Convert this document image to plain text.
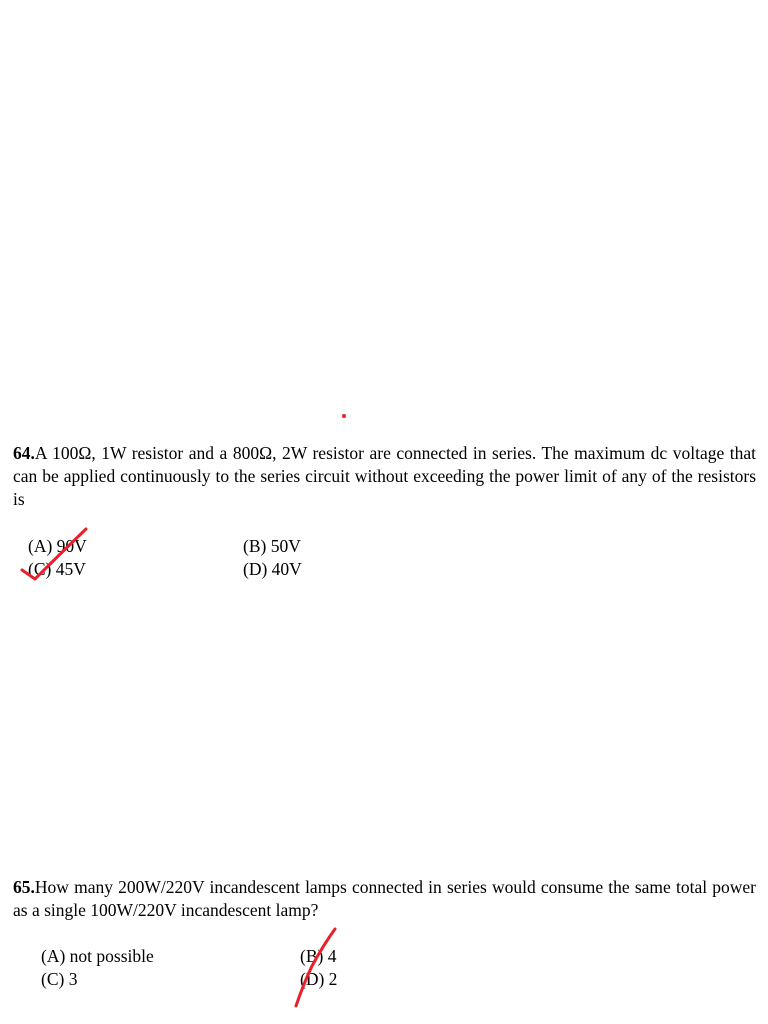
64.A 100Ω, 1W resistor and a 800Ω, 2W resistor are connected in series. The maximum dc voltage that can be applied continuously to the series circuit without exceeding the power limit of any of the resistors is
(A) 90V	(B) 50V
(C) 45V	(D) 40V
65.How many 200W/220V incandescent lamps connected in series would consume the same total power as a single 100W/220V incandescent lamp?
(A) not possible	(B) 4
(C) 3	(D) 2
